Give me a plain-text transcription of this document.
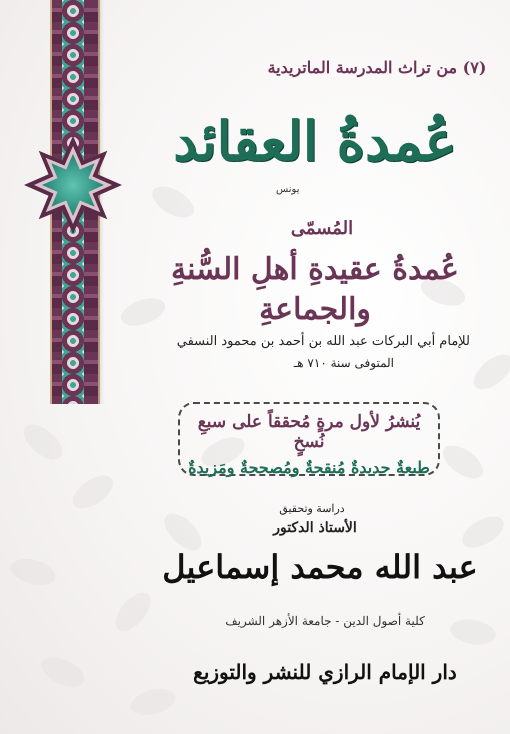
(٧) من تراث المدرسة الماتريدية
عُمدةُ العقائد
يونس
المُسمّى
عُمدةُ عقيدةِ أهلِ السُّنةِ والجماعةِ
للإمام أبي البركات عبد الله بن أحمد بن محمود النسفي
المتوفى سنة ٧١٠ هـ
يُنشرُ لأول مرةٍ مُحققاً على سبعِ نُسخٍ
طبعةٌ جديدةٌ مُنقحةٌ ومُصححةٌ ومَزيدةٌ
دراسة وتحقيق
الأستاذ الدكتور
عبد الله محمد إسماعيل
كلية أصول الدين - جامعة الأزهر الشريف
دار الإمام الرازي للنشر والتوزيع
